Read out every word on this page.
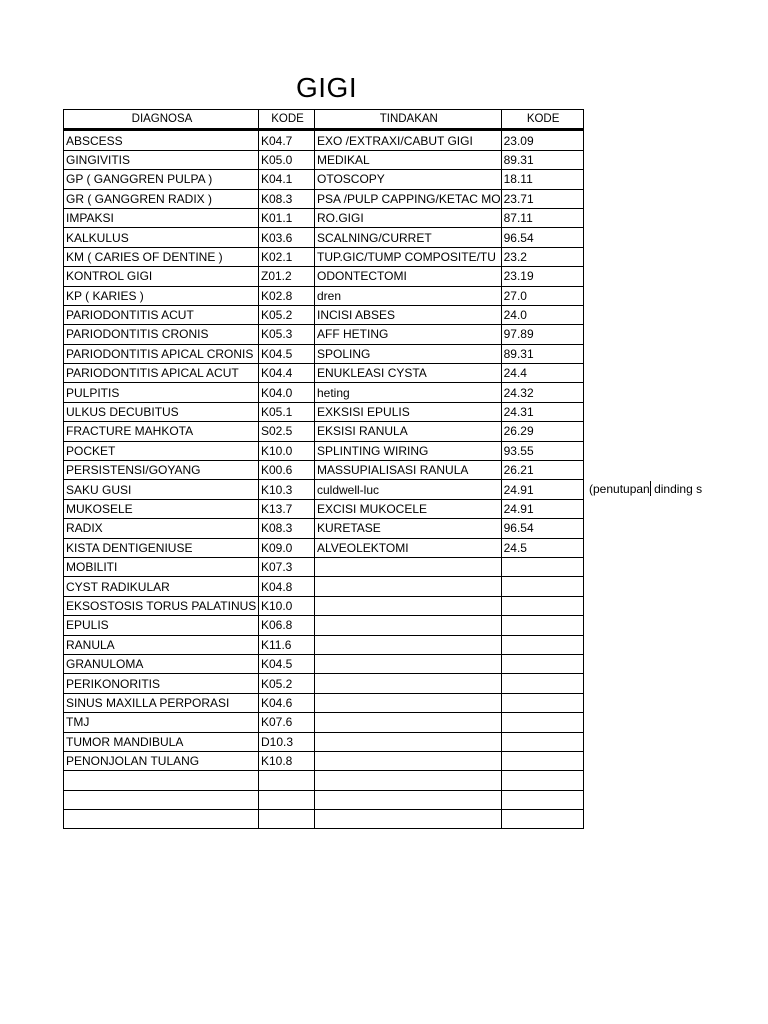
GIGI
DIAGNOSA	KODE	TINDAKAN	KODE
ABSCESS	K04.7	EXO /EXTRAXI/CABUT GIGI	23.09
GINGIVITIS	K05.0	MEDIKAL	89.31
GP ( GANGGREN PULPA )	K04.1	OTOSCOPY	18.11
GR ( GANGGREN RADIX )	K08.3	PSA /PULP CAPPING/KETAC MO	23.71
IMPAKSI	K01.1	RO.GIGI	87.11
KALKULUS	K03.6	SCALNING/CURRET	96.54
KM ( CARIES OF DENTINE )	K02.1	TUP.GIC/TUMP COMPOSITE/TU	23.2
KONTROL GIGI	Z01.2	ODONTECTOMI	23.19
KP ( KARIES )	K02.8	dren	27.0
PARIODONTITIS ACUT	K05.2	INCISI ABSES	24.0
PARIODONTITIS CRONIS	K05.3	AFF HETING	97.89
PARIODONTITIS APICAL CRONIS	K04.5	SPOLING	89.31
PARIODONTITIS APICAL ACUT	K04.4	ENUKLEASI CYSTA	24.4
PULPITIS	K04.0	heting	24.32
ULKUS DECUBITUS	K05.1	EXKSISI EPULIS	24.31
FRACTURE MAHKOTA	S02.5	EKSISI RANULA	26.29
POCKET	K10.0	SPLINTING WIRING	93.55
PERSISTENSI/GOYANG	K00.6	MASSUPIALISASI RANULA	26.21
SAKU GUSI	K10.3	culdwell-luc	24.91
MUKOSELE	K13.7	EXCISI MUKOCELE	24.91
RADIX	K08.3	KURETASE	96.54
KISTA DENTIGENIUSE	K09.0	ALVEOLEKTOMI	24.5
MOBILITI	K07.3		
CYST RADIKULAR	K04.8		
EKSOSTOSIS TORUS PALATINUS	K10.0		
EPULIS	K06.8		
RANULA	K11.6		
GRANULOMA	K04.5		
PERIKONORITIS	K05.2		
SINUS MAXILLA PERPORASI	K04.6		
TMJ	K07.6		
TUMOR MANDIBULA	D10.3		
PENONJOLAN TULANG	K10.8		

(penutupan dinding s
